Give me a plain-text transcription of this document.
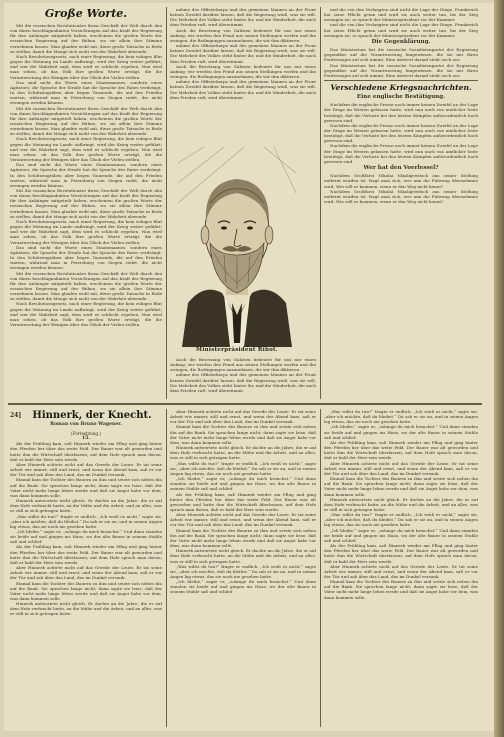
Große Worte.

Mit die russischen Revolutionäre ihren Geschäft der Welt durch den von ihnen beschlagnahmten Versichtungen auf das Kraft der Regierung für ihre Anhänger mitgeteilt haben, erscheinen die großen Worte der russischen Regierung auf der Bühne, wo sie allein ihre Stimme vernehmen lassen. Man glaubte wohl mit, diese große Tatsache in Rede zu stellen, damit die Menge sich nicht von der Wahrheit abwende.

Nach Revolutionsgesetz, nach einer Regierung, die kein ruhiges Blut gegen die Meinung im Lande aufbringt, wird der Krieg weiter geführt; und wer die Wahrheit sagt, dem wird es schlecht ergehen. Nun wird man sehen, ob das Volk ihre großen Worte erträgt, die die Verantwortung der Wenigen über das Glück der Vielen stellen.

Das sind nicht die Worte eines Staatsmannes, sondern eines Agitators; die Sprache der Straße hat die Sprache des Rates verdrängt. In den Schützengräben aber liegen Tausende, die auf den Frieden warten, während man in Petersburg von Siegen redet, die nicht errungen werden können.

Mit die russischen Revolutionäre ihren Geschäft der Welt durch den von ihnen beschlagnahmten Versichtungen auf das Kraft der Regierung für ihre Anhänger mitgeteilt haben, erscheinen die großen Worte der russischen Regierung auf der Bühne, wo sie allein ihre Stimme vernehmen lassen. Man glaubte wohl mit, diese große Tatsache in Rede zu stellen, damit die Menge sich nicht von der Wahrheit abwende.

Nach Revolutionsgesetz, nach einer Regierung, die kein ruhiges Blut gegen die Meinung im Lande aufbringt, wird der Krieg weiter geführt; und wer die Wahrheit sagt, dem wird es schlecht ergehen. Nun wird man sehen, ob das Volk ihre großen Worte erträgt, die die Verantwortung der Wenigen über das Glück der Vielen stellen.

Das sind nicht die Worte eines Staatsmannes, sondern eines Agitators; die Sprache der Straße hat die Sprache des Rates verdrängt. In den Schützengräben aber liegen Tausende, die auf den Frieden warten, während man in Petersburg von Siegen redet, die nicht errungen werden können.

Mit die russischen Revolutionäre ihren Geschäft der Welt durch den von ihnen beschlagnahmten Versichtungen auf das Kraft der Regierung für ihre Anhänger mitgeteilt haben, erscheinen die großen Worte der russischen Regierung auf der Bühne, wo sie allein ihre Stimme vernehmen lassen. Man glaubte wohl mit, diese große Tatsache in Rede zu stellen, damit die Menge sich nicht von der Wahrheit abwende.

Nach Revolutionsgesetz, nach einer Regierung, die kein ruhiges Blut gegen die Meinung im Lande aufbringt, wird der Krieg weiter geführt; und wer die Wahrheit sagt, dem wird es schlecht ergehen. Nun wird man sehen, ob das Volk ihre großen Worte erträgt, die die Verantwortung der Wenigen über das Glück der Vielen stellen.

Das sind nicht die Worte eines Staatsmannes, sondern eines Agitators; die Sprache der Straße hat die Sprache des Rates verdrängt. In den Schützengräben aber liegen Tausende, die auf den Frieden warten, während man in Petersburg von Siegen redet, die nicht errungen werden können.

Mit die russischen Revolutionäre ihren Geschäft der Welt durch den von ihnen beschlagnahmten Versichtungen auf das Kraft der Regierung für ihre Anhänger mitgeteilt haben, erscheinen die großen Worte der russischen Regierung auf der Bühne, wo sie allein ihre Stimme vernehmen lassen. Man glaubte wohl mit, diese große Tatsache in Rede zu stellen, damit die Menge sich nicht von der Wahrheit abwende.

Nach Revolutionsgesetz, nach einer Regierung, die kein ruhiges Blut gegen die Meinung im Lande aufbringt, wird der Krieg weiter geführt; und wer die Wahrheit sagt, dem wird es schlecht ergehen. Nun wird man sehen, ob das Volk ihre großen Worte erträgt, die die Verantwortung der Wenigen über das Glück der Vielen stellen.

nahme des Offizierkorps und des gemeinen Mannes an der Front keinen Zweifel darüber lassen, daß die Regierung weiß, was sie will. Die Mehrheit des Volkes steht hinter ihr, und die Minderheit, die nach dem Frieden ruft, wird überstimmt.

Auch die Besetzung von Galizien bedeutet für uns nur einen Anfang; wir werden den Feind aus seinen Stellungen werfen und ihn zwingen, die Bedingungen anzunehmen, die wir ihm diktieren.

nahme des Offizierkorps und des gemeinen Mannes an der Front keinen Zweifel darüber lassen, daß die Regierung weiß, was sie will. Die Mehrheit des Volkes steht hinter ihr, und die Minderheit, die nach dem Frieden ruft, wird überstimmt.

Auch die Besetzung von Galizien bedeutet für uns nur einen Anfang; wir werden den Feind aus seinen Stellungen werfen und ihn zwingen, die Bedingungen anzunehmen, die wir ihm diktieren.

nahme des Offizierkorps und des gemeinen Mannes an der Front keinen Zweifel darüber lassen, daß die Regierung weiß, was sie will. Die Mehrheit des Volkes steht hinter ihr, und die Minderheit, die nach dem Frieden ruft, wird überstimmt.

Ministerpräsident Ribot.

Auch die Besetzung von Galizien bedeutet für uns nur einen Anfang; wir werden den Feind aus seinen Stellungen werfen und ihn zwingen, die Bedingungen anzunehmen, die wir ihm diktieren.

nahme des Offizierkorps und des gemeinen Mannes an der Front keinen Zweifel darüber lassen, daß die Regierung weiß, was sie will. Die Mehrheit des Volkes steht hinter ihr, und die Minderheit, die nach dem Frieden ruft, wird überstimmt.

und die von ihm Verlangten sind nicht die Lage der Dinge. Frankreich hat seine Pflicht getan und wird sie auch weiter tun, bis der Sieg errungen ist; so sprach der Ministerpräsident vor der Kammer.

und die von ihm Verlangten sind nicht die Lage der Dinge. Frankreich hat seine Pflicht getan und wird sie auch weiter tun, bis der Sieg errungen ist; so sprach der Ministerpräsident vor der Kammer.

Die Gegenklärung.

Das Ministerium hat die russische Sozialistenpartei der Regierung gegenüber auf die Verantwortung hingewiesen, die sie mit ihren Forderungen auf sich nimmt. Eine Antwort darauf steht noch aus.

Das Ministerium hat die russische Sozialistenpartei der Regierung gegenüber auf die Verantwortung hingewiesen, die sie mit ihren Forderungen auf sich nimmt. Eine Antwort darauf steht noch aus.

Verschiedene Kriegsnachrichten.
Eine englische Bestätigung.

Nachdem die englische Presse noch immer keinen Zweifel an der Lage der Dinge im Westen gelassen hatte, wird nun auch von amtlicher Seite bestätigt, daß die Verluste bei den letzten Kämpfen außerordentlich hoch gewesen sind.

Nachdem die englische Presse noch immer keinen Zweifel an der Lage der Dinge im Westen gelassen hatte, wird nun auch von amtlicher Seite bestätigt, daß die Verluste bei den letzten Kämpfen außerordentlich hoch gewesen sind.

Nachdem die englische Presse noch immer keinen Zweifel an der Lage der Dinge im Westen gelassen hatte, wird nun auch von amtlicher Seite bestätigt, daß die Verluste bei den letzten Kämpfen außerordentlich hoch gewesen sind.

Wer hat den Voerlessel?

Nachdem Großfürst Nikolai Nikolajewitsch aus seiner Stellung entfernt worden ist, fragt man sich, wer nun die Führung übernehmen wird. Wie will er kommen, wenn er den Weg nicht kennt?

Nachdem Großfürst Nikolai Nikolajewitsch aus seiner Stellung entfernt worden ist, fragt man sich, wer nun die Führung übernehmen wird. Wie will er kommen, wenn er den Weg nicht kennt?

24]	Hinnerk, der Knecht.
Roman von Bruno Wagener.
(Fortsetzung.)
15.

Als der Frühling kam, saß Hinnerk wieder am Pflug und ging hinter den Pferden her über das weite Feld. Der Bauer war alt geworden und hatte ihm die Wirtschaft überlassen; auf dem Hofe sprach man davon, daß er bald der Herr sein werde.

Aber Hinnerk achtete nicht auf das Gerede der Leute. Er tat seine Arbeit wie immer, still und ernst, und wenn der Abend kam, saß er vor der Tür und sah über das Land, das im Dunkel versank.

Einmal kam die Tochter des Bauern zu ihm und setzte sich neben ihn auf die Bank. Sie sprachen lange nicht; dann sagte sie leise, daß der Vater nicht mehr lange leben werde und daß sie Angst habe vor dem, was dann kommen solle.

Hinnerk antwortete nicht gleich. Er dachte an die Jahre, die er auf dem Hofe verbracht hatte, an die Mühe und die Arbeit, und an alles, was er still in sich getragen hatte.

„Was willst du tun?“ fragte er endlich. „Ich weiß es nicht,“ sagte sie, „aber ich möchte, daß du bleibst.“ Da sah er sie an, und in seinen Augen lag etwas, das sie noch nie gesehen hatte.

„Ich bleibe,“ sagte er, „solange du mich brauchst.“ Und dann standen sie beide auf und gingen ins Haus, wo der alte Bauer in seinem Stuhle saß und schlief.

Als der Frühling kam, saß Hinnerk wieder am Pflug und ging hinter den Pferden her über das weite Feld. Der Bauer war alt geworden und hatte ihm die Wirtschaft überlassen; auf dem Hofe sprach man davon, daß er bald der Herr sein werde.

Aber Hinnerk achtete nicht auf das Gerede der Leute. Er tat seine Arbeit wie immer, still und ernst, und wenn der Abend kam, saß er vor der Tür und sah über das Land, das im Dunkel versank.

Einmal kam die Tochter des Bauern zu ihm und setzte sich neben ihn auf die Bank. Sie sprachen lange nicht; dann sagte sie leise, daß der Vater nicht mehr lange leben werde und daß sie Angst habe vor dem, was dann kommen solle.

Hinnerk antwortete nicht gleich. Er dachte an die Jahre, die er auf dem Hofe verbracht hatte, an die Mühe und die Arbeit, und an alles, was er still in sich getragen hatte.

Aber Hinnerk achtete nicht auf das Gerede der Leute. Er tat seine Arbeit wie immer, still und ernst, und wenn der Abend kam, saß er vor der Tür und sah über das Land, das im Dunkel versank.

Einmal kam die Tochter des Bauern zu ihm und setzte sich neben ihn auf die Bank. Sie sprachen lange nicht; dann sagte sie leise, daß der Vater nicht mehr lange leben werde und daß sie Angst habe vor dem, was dann kommen solle.

Hinnerk antwortete nicht gleich. Er dachte an die Jahre, die er auf dem Hofe verbracht hatte, an die Mühe und die Arbeit, und an alles, was er still in sich getragen hatte.

„Was willst du tun?“ fragte er endlich. „Ich weiß es nicht,“ sagte sie, „aber ich möchte, daß du bleibst.“ Da sah er sie an, und in seinen Augen lag etwas, das sie noch nie gesehen hatte.

„Ich bleibe,“ sagte er, „solange du mich brauchst.“ Und dann standen sie beide auf und gingen ins Haus, wo der alte Bauer in seinem Stuhle saß und schlief.

Als der Frühling kam, saß Hinnerk wieder am Pflug und ging hinter den Pferden her über das weite Feld. Der Bauer war alt geworden und hatte ihm die Wirtschaft überlassen; auf dem Hofe sprach man davon, daß er bald der Herr sein werde.

Aber Hinnerk achtete nicht auf das Gerede der Leute. Er tat seine Arbeit wie immer, still und ernst, und wenn der Abend kam, saß er vor der Tür und sah über das Land, das im Dunkel versank.

Einmal kam die Tochter des Bauern zu ihm und setzte sich neben ihn auf die Bank. Sie sprachen lange nicht; dann sagte sie leise, daß der Vater nicht mehr lange leben werde und daß sie Angst habe vor dem, was dann kommen solle.

Hinnerk antwortete nicht gleich. Er dachte an die Jahre, die er auf dem Hofe verbracht hatte, an die Mühe und die Arbeit, und an alles, was er still in sich getragen hatte.

„Was willst du tun?“ fragte er endlich. „Ich weiß es nicht,“ sagte sie, „aber ich möchte, daß du bleibst.“ Da sah er sie an, und in seinen Augen lag etwas, das sie noch nie gesehen hatte.

„Ich bleibe,“ sagte er, „solange du mich brauchst.“ Und dann standen sie beide auf und gingen ins Haus, wo der alte Bauer in seinem Stuhle saß und schlief.

„Was willst du tun?“ fragte er endlich. „Ich weiß es nicht,“ sagte sie, „aber ich möchte, daß du bleibst.“ Da sah er sie an, und in seinen Augen lag etwas, das sie noch nie gesehen hatte.

„Ich bleibe,“ sagte er, „solange du mich brauchst.“ Und dann standen sie beide auf und gingen ins Haus, wo der alte Bauer in seinem Stuhle saß und schlief.

Als der Frühling kam, saß Hinnerk wieder am Pflug und ging hinter den Pferden her über das weite Feld. Der Bauer war alt geworden und hatte ihm die Wirtschaft überlassen; auf dem Hofe sprach man davon, daß er bald der Herr sein werde.

Aber Hinnerk achtete nicht auf das Gerede der Leute. Er tat seine Arbeit wie immer, still und ernst, und wenn der Abend kam, saß er vor der Tür und sah über das Land, das im Dunkel versank.

Einmal kam die Tochter des Bauern zu ihm und setzte sich neben ihn auf die Bank. Sie sprachen lange nicht; dann sagte sie leise, daß der Vater nicht mehr lange leben werde und daß sie Angst habe vor dem, was dann kommen solle.

Hinnerk antwortete nicht gleich. Er dachte an die Jahre, die er auf dem Hofe verbracht hatte, an die Mühe und die Arbeit, und an alles, was er still in sich getragen hatte.

„Was willst du tun?“ fragte er endlich. „Ich weiß es nicht,“ sagte sie, „aber ich möchte, daß du bleibst.“ Da sah er sie an, und in seinen Augen lag etwas, das sie noch nie gesehen hatte.

„Ich bleibe,“ sagte er, „solange du mich brauchst.“ Und dann standen sie beide auf und gingen ins Haus, wo der alte Bauer in seinem Stuhle saß und schlief.

Als der Frühling kam, saß Hinnerk wieder am Pflug und ging hinter den Pferden her über das weite Feld. Der Bauer war alt geworden und hatte ihm die Wirtschaft überlassen; auf dem Hofe sprach man davon, daß er bald der Herr sein werde.

Aber Hinnerk achtete nicht auf das Gerede der Leute. Er tat seine Arbeit wie immer, still und ernst, und wenn der Abend kam, saß er vor der Tür und sah über das Land, das im Dunkel versank.

Einmal kam die Tochter des Bauern zu ihm und setzte sich neben ihn auf die Bank. Sie sprachen lange nicht; dann sagte sie leise, daß der Vater nicht mehr lange leben werde und daß sie Angst habe vor dem, was dann kommen solle.
